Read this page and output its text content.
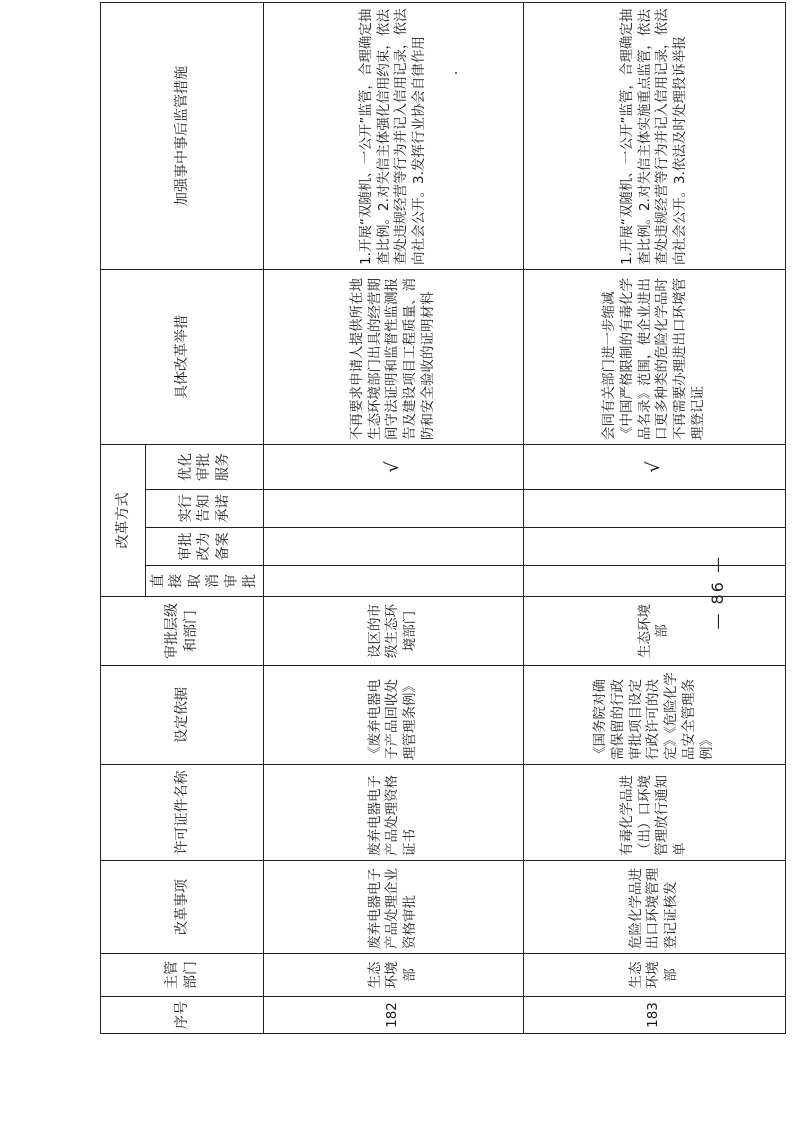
序号	主管部门	改革事项	许可证件名称	设定依据	审批层级和部门	改革方式				具体改革举措	加强事中事后监管措施
						直接取消审批	审批改为备案	实行告知承诺	优化审批服务		
182	生态环境部	废弃电器电子产品处理企业资格审批	废弃电器电子产品处理资格证书	《废弃电器电子产品回收处理管理条例》	设区的市级生态环境部门				√	不再要求申请人提供所在地生态环境部门出具的经营期间守法证明和监督性监测报告及建设项目工程质量、消防和安全验收的证明材料	1.开展“双随机、一公开”监管，合理确定抽查比例。2.对失信主体强化信用约束，依法查处违规经营等行为并记入信用记录，依法向社会公开。3.发挥行业协会自律作用
183	生态环境部	危险化学品进出口环境管理登记证核发	有毒化学品进（出）口环境管理放行通知单	《国务院对确需保留的行政审批项目设定行政许可的决定》《危险化学品安全管理条例》	生态环境部				√	会同有关部门进一步缩减《中国严格限制的有毒化学品名录》范围，使企业进出口更多种类的危险化学品时不再需要办理进出口环境管理登记证	1.开展“双随机、一公开”监管，合理确定抽查比例。2.对失信主体实施重点监管，依法查处违规经营等行为并记入信用记录，依法向社会公开。3.依法及时处理投诉举报
— 86 —
